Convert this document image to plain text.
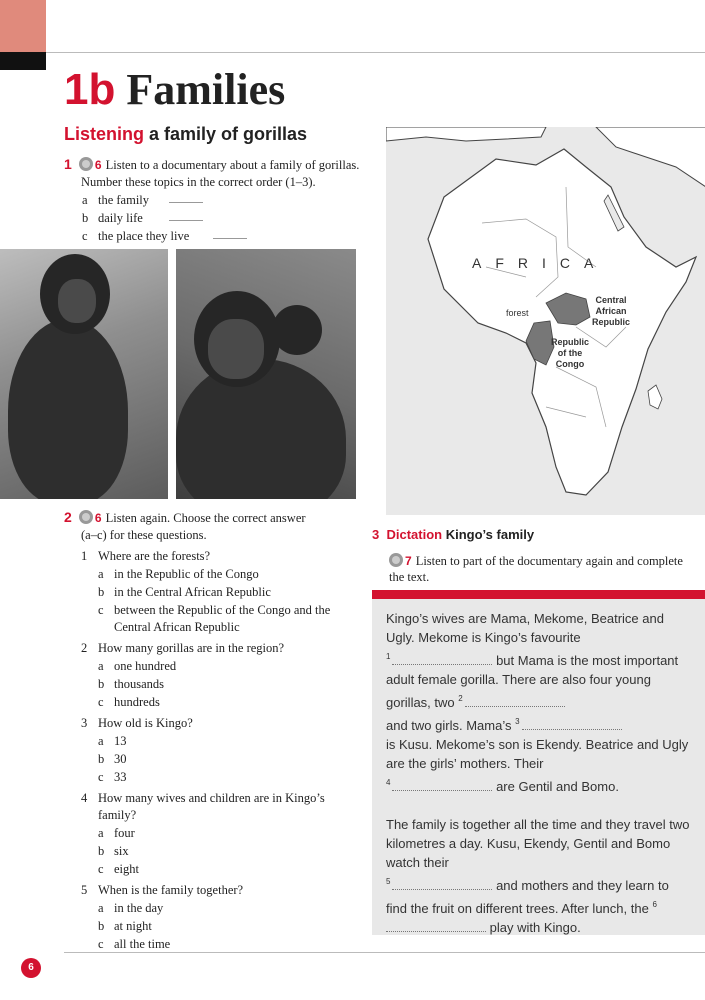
1b Families
Listening a family of gorillas
1 6 Listen to a documentary about a family of gorillas.
Number these topics in the correct order (1–3).
a the family
b daily life
c the place they live
AFRICA
forest
Central
African
Republic
Republic
of the
Congo
2 6 Listen again. Choose the correct answer
(a–c) for these questions.
1 Where are the forests?
a in the Republic of the Congo
b in the Central African Republic
c between the Republic of the Congo and the Central African Republic
2 How many gorillas are in the region?
a one hundred
b thousands
c hundreds
3 How old is Kingo?
a 13
b 30
c 33
4 How many wives and children are in Kingo’s family?
a four
b six
c eight
5 When is the family together?
a in the day
b at night
c all the time
3 Dictation Kingo’s family
7 Listen to part of the documentary again and complete the text.

Kingo’s wives are Mama, Mekome, Beatrice and Ugly. Mekome is Kingo’s favourite
$^1$	but Mama is the most important adult female gorilla. There are also four young gorillas, two $^2$
and two girls. Mama’s $^3$
is Kusu. Mekome’s son is Ekendy. Beatrice and Ugly are the girls’ mothers. Their
$^4$	are Gentil and Bomo.

The family is together all the time and they travel two kilometres a day. Kusu, Ekendy, Gentil and Bomo watch their
$^5$	and mothers and they learn to find the fruit on different trees. After lunch, the $^6$ play with Kingo.

6
